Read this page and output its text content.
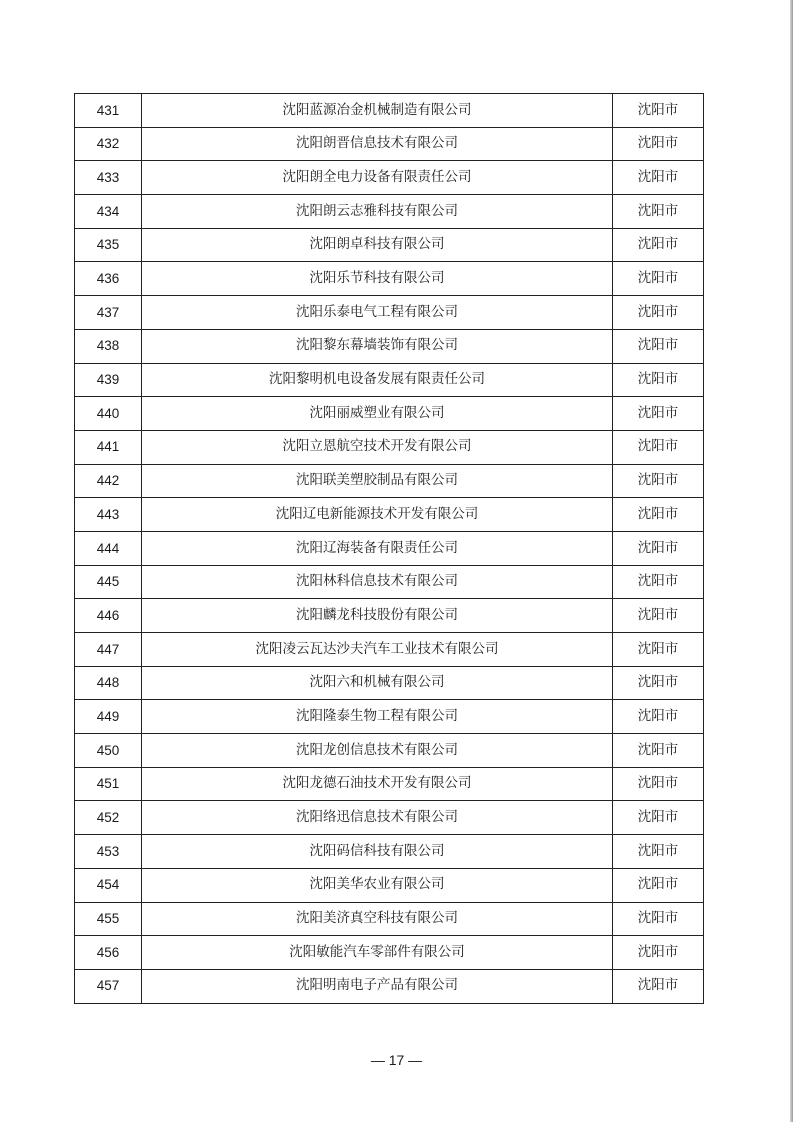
431	沈阳蓝源冶金机械制造有限公司	沈阳市
432	沈阳朗晋信息技术有限公司	沈阳市
433	沈阳朗全电力设备有限责任公司	沈阳市
434	沈阳朗云志雅科技有限公司	沈阳市
435	沈阳朗卓科技有限公司	沈阳市
436	沈阳乐节科技有限公司	沈阳市
437	沈阳乐泰电气工程有限公司	沈阳市
438	沈阳黎东幕墙装饰有限公司	沈阳市
439	沈阳黎明机电设备发展有限责任公司	沈阳市
440	沈阳丽威塑业有限公司	沈阳市
441	沈阳立恩航空技术开发有限公司	沈阳市
442	沈阳联美塑胶制品有限公司	沈阳市
443	沈阳辽电新能源技术开发有限公司	沈阳市
444	沈阳辽海装备有限责任公司	沈阳市
445	沈阳林科信息技术有限公司	沈阳市
446	沈阳麟龙科技股份有限公司	沈阳市
447	沈阳凌云瓦达沙夫汽车工业技术有限公司	沈阳市
448	沈阳六和机械有限公司	沈阳市
449	沈阳隆泰生物工程有限公司	沈阳市
450	沈阳龙创信息技术有限公司	沈阳市
451	沈阳龙德石油技术开发有限公司	沈阳市
452	沈阳络迅信息技术有限公司	沈阳市
453	沈阳码信科技有限公司	沈阳市
454	沈阳美华农业有限公司	沈阳市
455	沈阳美济真空科技有限公司	沈阳市
456	沈阳敏能汽车零部件有限公司	沈阳市
457	沈阳明南电子产品有限公司	沈阳市
— 17 —
